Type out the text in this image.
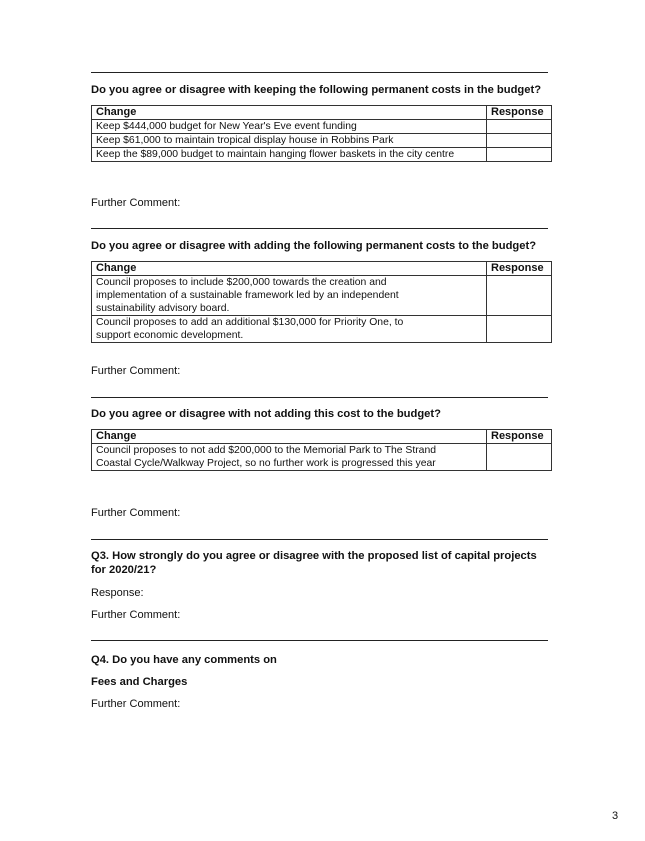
Do you agree or disagree with keeping the following permanent costs in the budget?
Change	Response
Keep $444,000 budget for New Year's Eve event funding	
Keep $61,000 to maintain tropical display house in Robbins Park	
Keep the $89,000 budget to maintain hanging flower baskets in the city centre	
Further Comment:
Do you agree or disagree with adding the following permanent costs to the budget?
Change	Response
Council proposes to include $200,000 towards the creation and implementation of a sustainable framework led by an independent sustainability advisory board.	
Council proposes to add an additional $130,000 for Priority One, to support economic development.	
Further Comment:
Do you agree or disagree with not adding this cost to the budget?
Change	Response
Council proposes to not add $200,000 to the Memorial Park to The Strand Coastal Cycle/Walkway Project, so no further work is progressed this year	
Further Comment:
Q3. How strongly do you agree or disagree with the proposed list of capital projects for 2020/21?
Response:
Further Comment:
Q4. Do you have any comments on
Fees and Charges
Further Comment:
3
